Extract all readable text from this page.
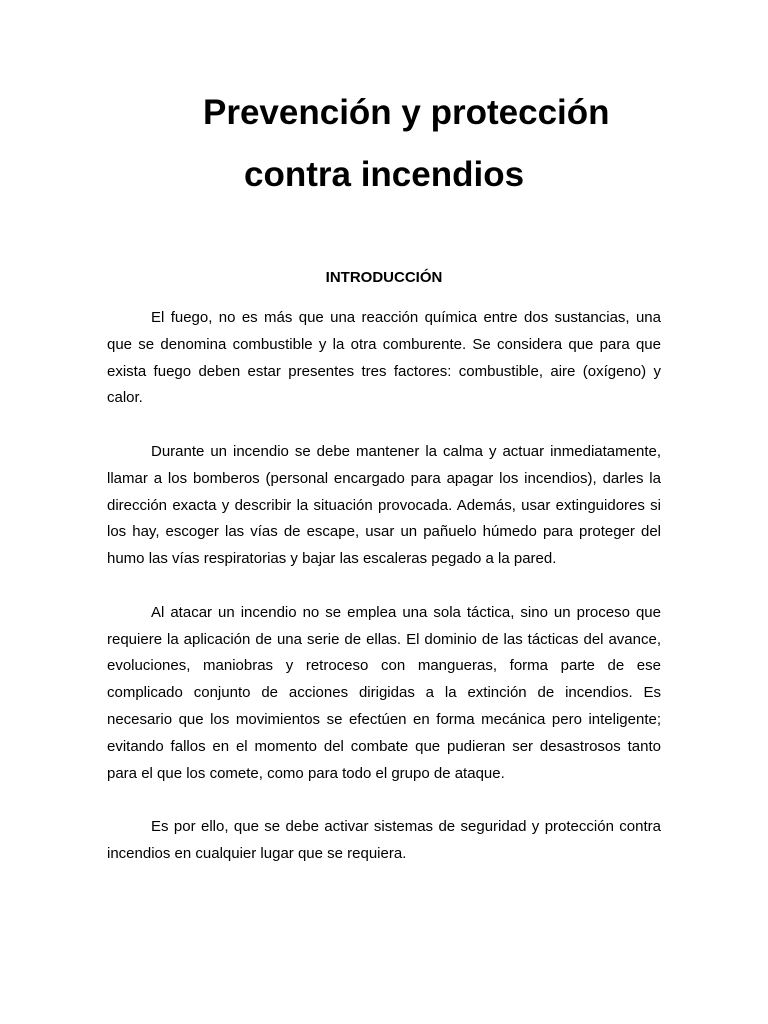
Prevención y protección
contra incendios
INTRODUCCIÓN

El fuego, no es más que una reacción química entre dos sustancias, una que se denomina combustible y la otra comburente. Se considera que para que exista fuego deben estar presentes tres factores: combustible, aire (oxígeno) y calor.

Durante un incendio se debe mantener la calma y actuar inmediatamente, llamar a los bomberos (personal encargado para apagar los incendios), darles la dirección exacta y describir la situación provocada. Además, usar extinguidores si los hay, escoger las vías de escape, usar un pañuelo húmedo para proteger del humo las vías respiratorias y bajar las escaleras pegado a la pared.

Al atacar un incendio no se emplea una sola táctica, sino un proceso que requiere la aplicación de una serie de ellas. El dominio de las tácticas del avance, evoluciones, maniobras y retroceso con mangueras, forma parte de ese complicado conjunto de acciones dirigidas a la extinción de incendios. Es necesario que los movimientos se efectúen en forma mecánica pero inteligente; evitando fallos en el momento del combate que pudieran ser desastrosos tanto para el que los comete, como para todo el grupo de ataque.

Es por ello, que se debe activar sistemas de seguridad y protección contra incendios en cualquier lugar que se requiera.
